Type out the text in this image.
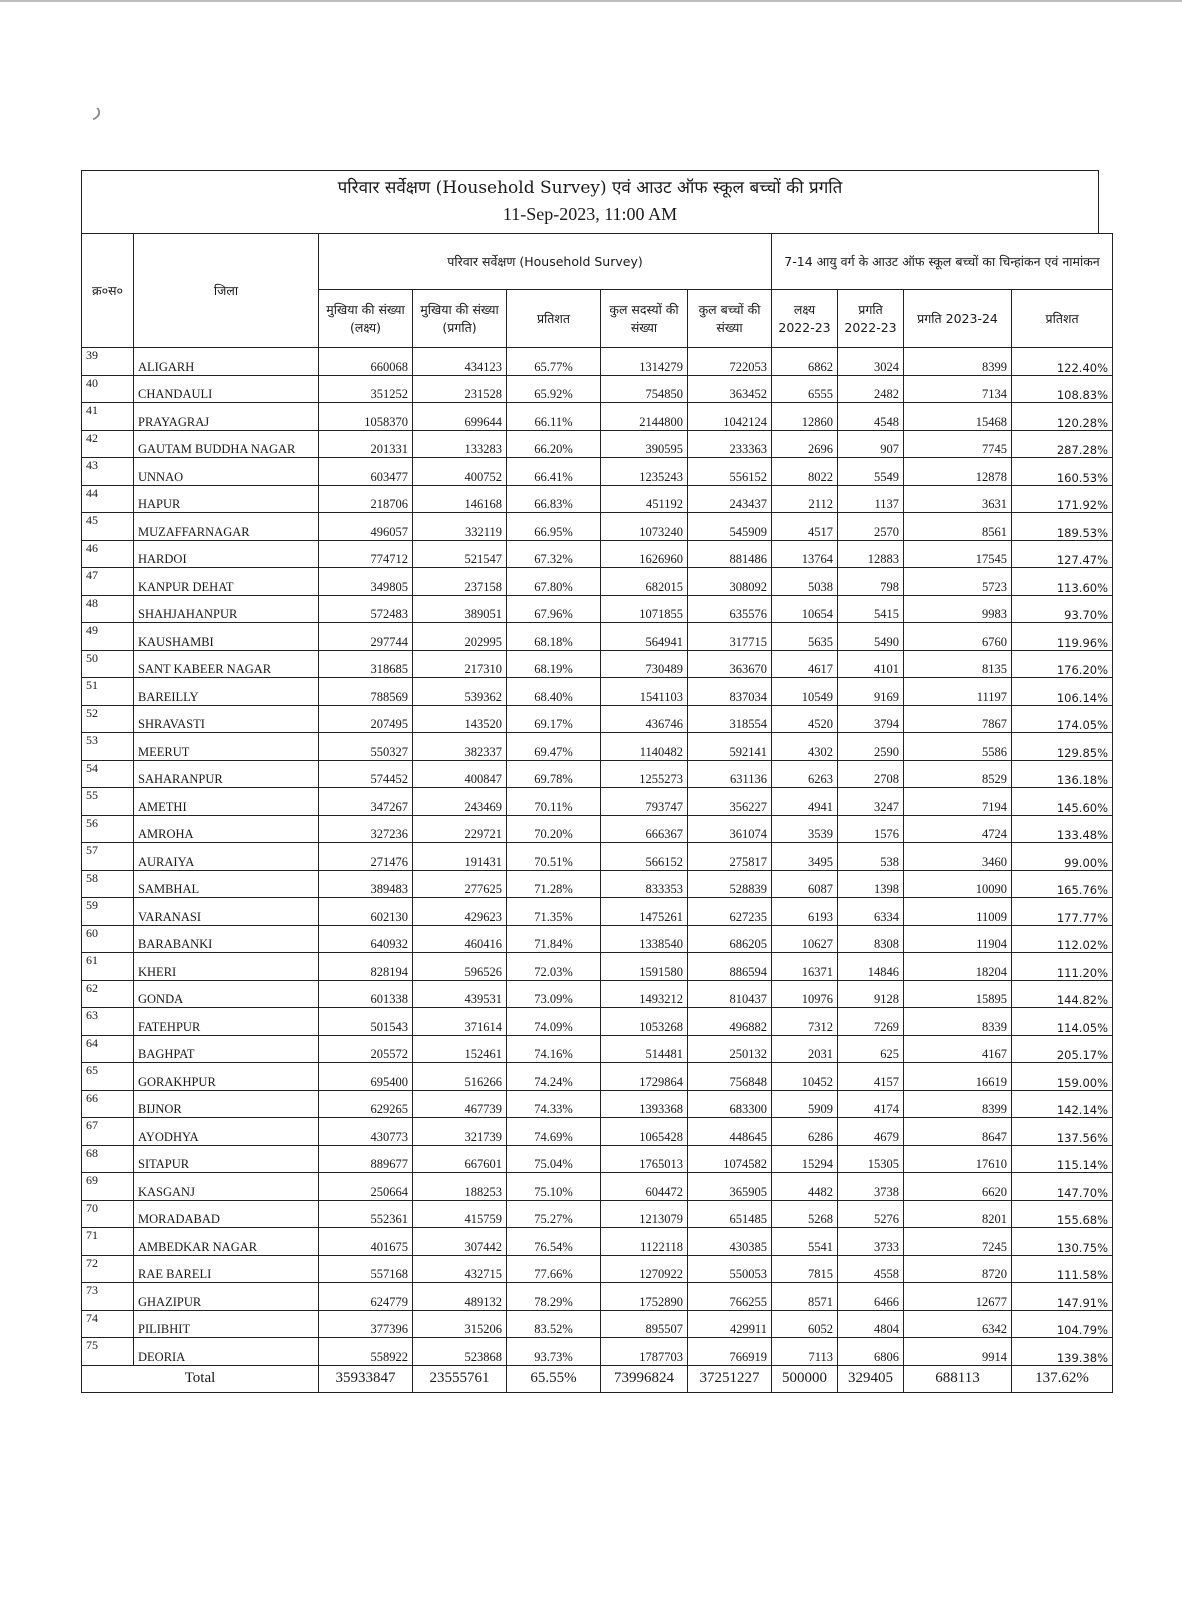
ر
परिवार सर्वेक्षण (Household Survey) एवं आउट ऑफ स्कूल बच्चों की प्रगति
11-Sep-2023, 11:00 AM
क्र०स०	जिला	परिवार सर्वेक्षण (Household Survey)					7-14 आयु वर्ग के आउट ऑफ स्कूल बच्चों का चिन्हांकन एवं नामांकन			
		मुखिया की संख्या (लक्ष्य)	मुखिया की संख्या (प्रगति)	प्रतिशत	कुल सदस्यों की संख्या	कुल बच्चों की संख्या	लक्ष्य 2022-23	प्रगति 2022-23	प्रगति 2023-24	प्रतिशत
39	ALIGARH	660068	434123	65.77%	1314279	722053	6862	3024	8399	122.40%
40	CHANDAULI	351252	231528	65.92%	754850	363452	6555	2482	7134	108.83%
41	PRAYAGRAJ	1058370	699644	66.11%	2144800	1042124	12860	4548	15468	120.28%
42	GAUTAM BUDDHA NAGAR	201331	133283	66.20%	390595	233363	2696	907	7745	287.28%
43	UNNAO	603477	400752	66.41%	1235243	556152	8022	5549	12878	160.53%
44	HAPUR	218706	146168	66.83%	451192	243437	2112	1137	3631	171.92%
45	MUZAFFARNAGAR	496057	332119	66.95%	1073240	545909	4517	2570	8561	189.53%
46	HARDOI	774712	521547	67.32%	1626960	881486	13764	12883	17545	127.47%
47	KANPUR DEHAT	349805	237158	67.80%	682015	308092	5038	798	5723	113.60%
48	SHAHJAHANPUR	572483	389051	67.96%	1071855	635576	10654	5415	9983	93.70%
49	KAUSHAMBI	297744	202995	68.18%	564941	317715	5635	5490	6760	119.96%
50	SANT KABEER NAGAR	318685	217310	68.19%	730489	363670	4617	4101	8135	176.20%
51	BAREILLY	788569	539362	68.40%	1541103	837034	10549	9169	11197	106.14%
52	SHRAVASTI	207495	143520	69.17%	436746	318554	4520	3794	7867	174.05%
53	MEERUT	550327	382337	69.47%	1140482	592141	4302	2590	5586	129.85%
54	SAHARANPUR	574452	400847	69.78%	1255273	631136	6263	2708	8529	136.18%
55	AMETHI	347267	243469	70.11%	793747	356227	4941	3247	7194	145.60%
56	AMROHA	327236	229721	70.20%	666367	361074	3539	1576	4724	133.48%
57	AURAIYA	271476	191431	70.51%	566152	275817	3495	538	3460	99.00%
58	SAMBHAL	389483	277625	71.28%	833353	528839	6087	1398	10090	165.76%
59	VARANASI	602130	429623	71.35%	1475261	627235	6193	6334	11009	177.77%
60	BARABANKI	640932	460416	71.84%	1338540	686205	10627	8308	11904	112.02%
61	KHERI	828194	596526	72.03%	1591580	886594	16371	14846	18204	111.20%
62	GONDA	601338	439531	73.09%	1493212	810437	10976	9128	15895	144.82%
63	FATEHPUR	501543	371614	74.09%	1053268	496882	7312	7269	8339	114.05%
64	BAGHPAT	205572	152461	74.16%	514481	250132	2031	625	4167	205.17%
65	GORAKHPUR	695400	516266	74.24%	1729864	756848	10452	4157	16619	159.00%
66	BIJNOR	629265	467739	74.33%	1393368	683300	5909	4174	8399	142.14%
67	AYODHYA	430773	321739	74.69%	1065428	448645	6286	4679	8647	137.56%
68	SITAPUR	889677	667601	75.04%	1765013	1074582	15294	15305	17610	115.14%
69	KASGANJ	250664	188253	75.10%	604472	365905	4482	3738	6620	147.70%
70	MORADABAD	552361	415759	75.27%	1213079	651485	5268	5276	8201	155.68%
71	AMBEDKAR NAGAR	401675	307442	76.54%	1122118	430385	5541	3733	7245	130.75%
72	RAE BARELI	557168	432715	77.66%	1270922	550053	7815	4558	8720	111.58%
73	GHAZIPUR	624779	489132	78.29%	1752890	766255	8571	6466	12677	147.91%
74	PILIBHIT	377396	315206	83.52%	895507	429911	6052	4804	6342	104.79%
75	DEORIA	558922	523868	93.73%	1787703	766919	7113	6806	9914	139.38%
Total		35933847	23555761	65.55%	73996824	37251227	500000	329405	688113	137.62%
